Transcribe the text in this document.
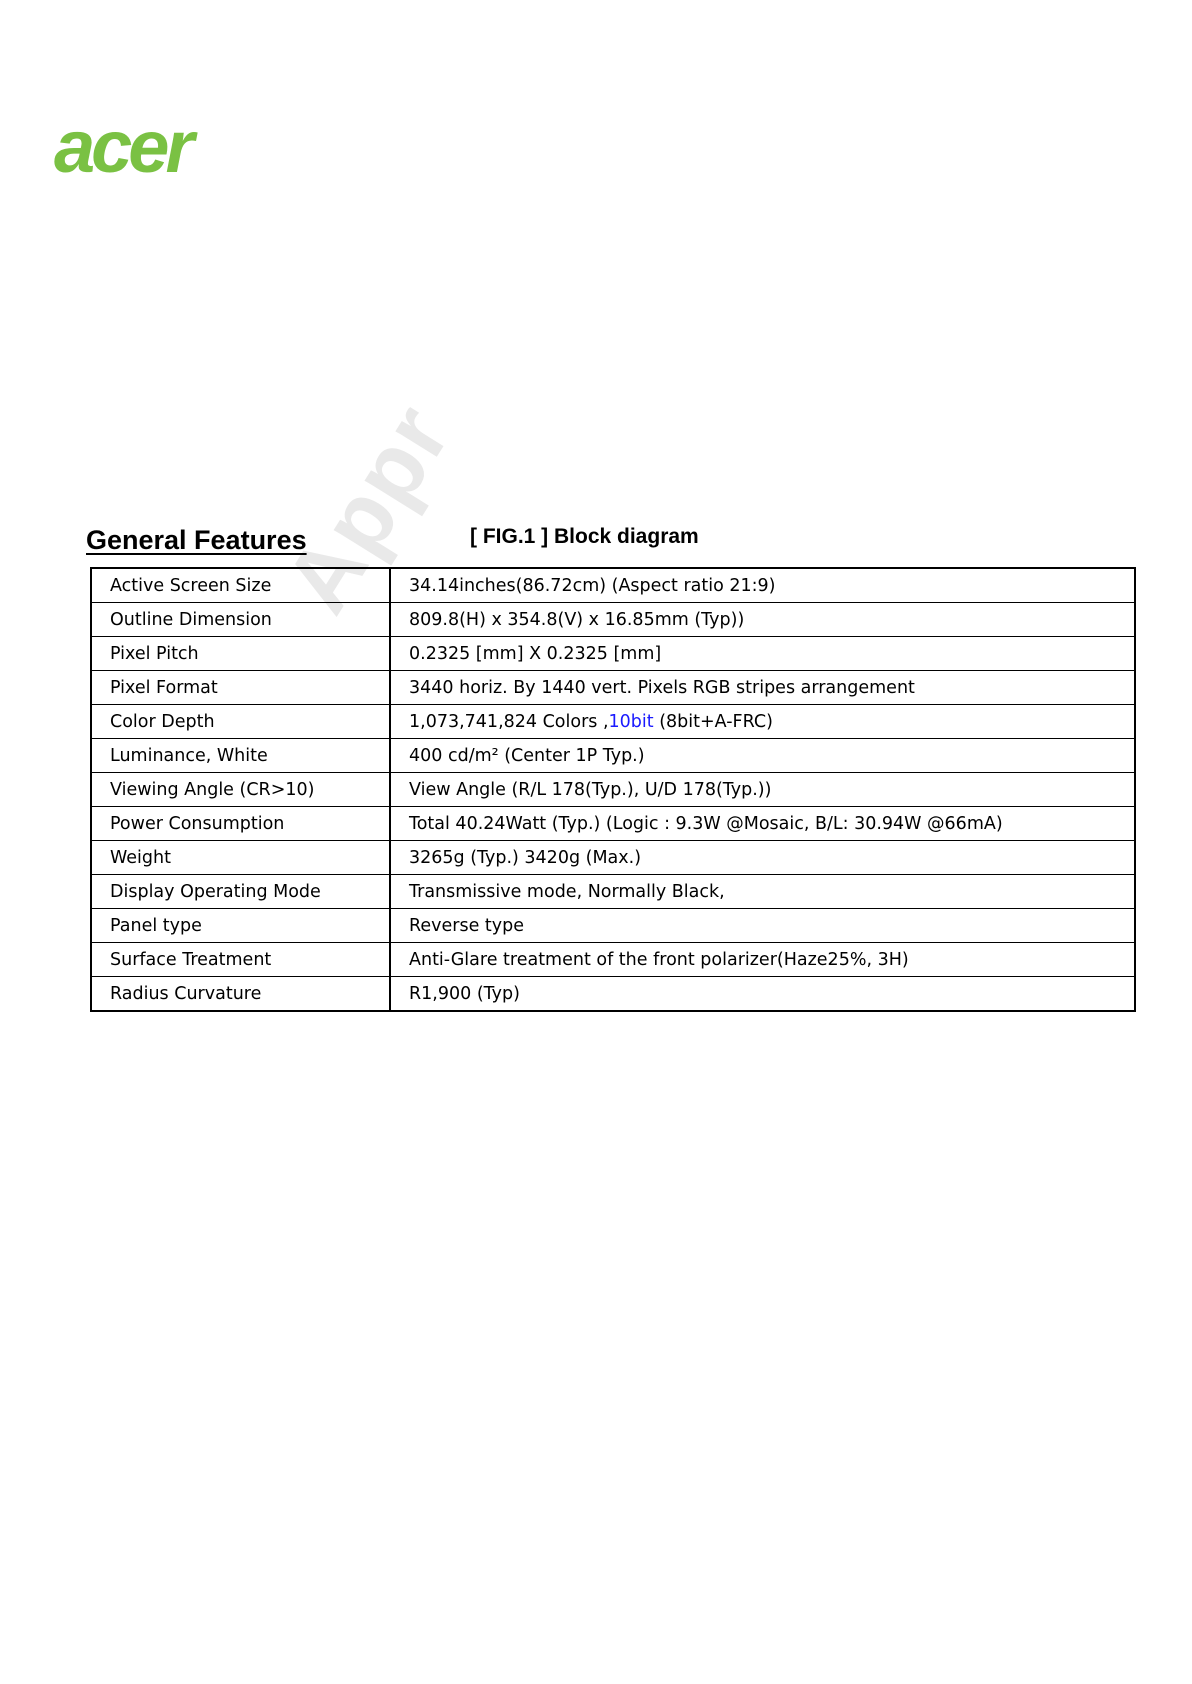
acer
Appr
General Features	[ FIG.1 ] Block diagram
Active Screen Size	34.14inches(86.72cm) (Aspect ratio 21:9)
Outline Dimension	809.8(H) x 354.8(V) x 16.85mm (Typ))
Pixel Pitch	0.2325 [mm] X 0.2325 [mm]
Pixel Format	3440 horiz. By 1440 vert. Pixels RGB stripes arrangement
Color Depth	1,073,741,824 Colors ,10bit (8bit+A-FRC)
Luminance, White	400 cd/m² (Center 1P Typ.)
Viewing Angle (CR>10)	View Angle (R/L 178(Typ.), U/D 178(Typ.))
Power Consumption	Total 40.24Watt (Typ.) (Logic : 9.3W @Mosaic, B/L: 30.94W @66mA)
Weight	3265g (Typ.) 3420g (Max.)
Display Operating Mode	Transmissive mode, Normally Black,
Panel type	Reverse type
Surface Treatment	Anti-Glare treatment of the front polarizer(Haze25%, 3H)
Radius Curvature	R1,900 (Typ)
